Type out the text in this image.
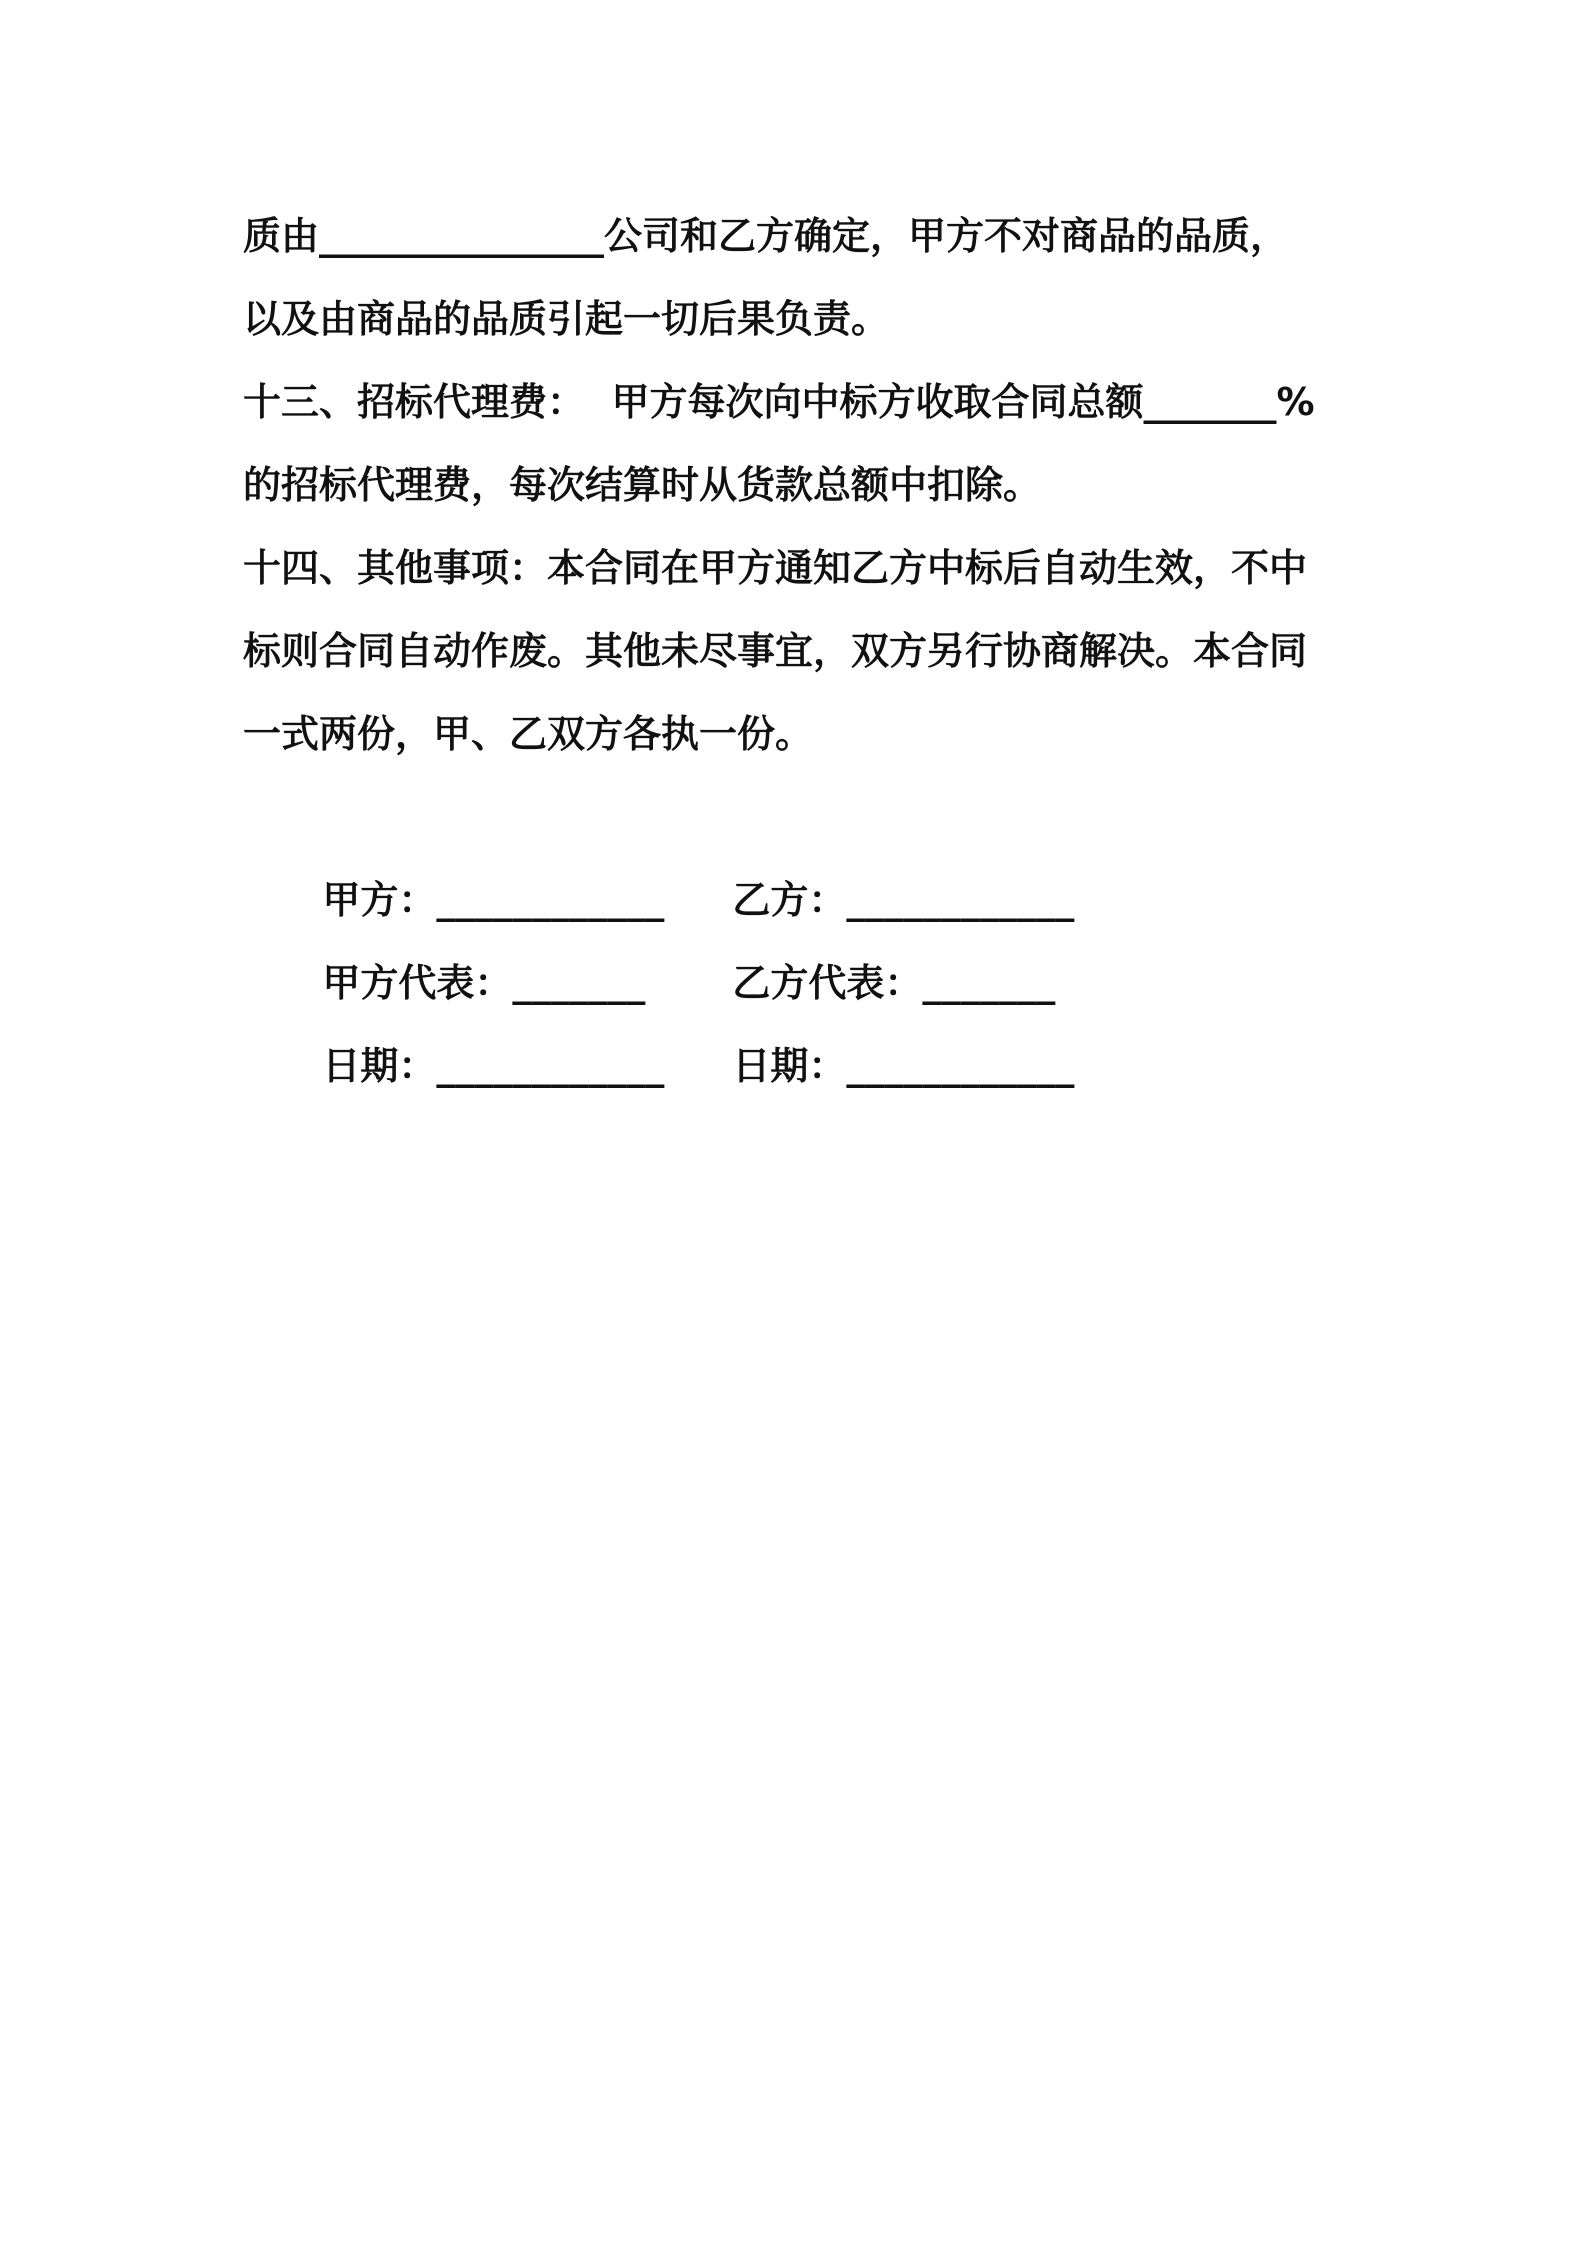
质由_______________公司和乙方确定，甲方不对商品的品质，
以及由商品的品质引起一切后果负责。
十三、招标代理费：  甲方每次向中标方收取合同总额_______%
的招标代理费，每次结算时从货款总额中扣除。
十四、其他事项：本合同在甲方通知乙方中标后自动生效，不中
标则合同自动作废。其他未尽事宜，双方另行协商解决。本合同
一式两份，甲、乙双方各执一份。

甲方：____________ 乙方：____________

甲方代表：_______ 乙方代表：_______

日期：____________ 日期：____________
